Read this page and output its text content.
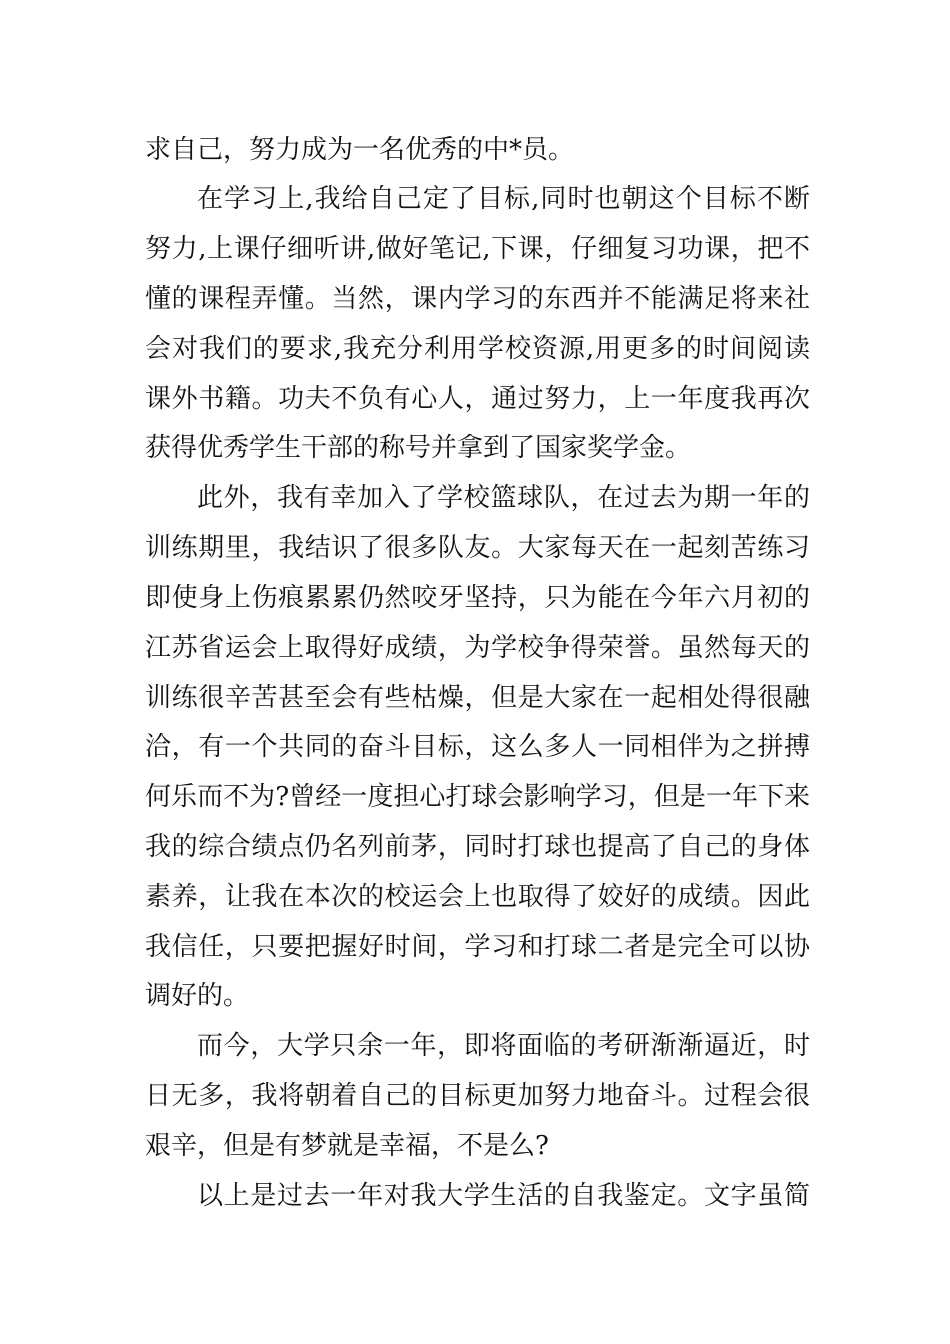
求自己，努力成为一名优秀的中*员。
在学习上,我给自己定了目标,同时也朝这个目标不断
努力,上课仔细听讲,做好笔记,下课，仔细复习功课，把不
懂的课程弄懂。当然，课内学习的东西并不能满足将来社
会对我们的要求,我充分利用学校资源,用更多的时间阅读
课外书籍。功夫不负有心人，通过努力，上一年度我再次
获得优秀学生干部的称号并拿到了国家奖学金。
此外，我有幸加入了学校篮球队，在过去为期一年的
训练期里，我结识了很多队友。大家每天在一起刻苦练习
即使身上伤痕累累仍然咬牙坚持，只为能在今年六月初的
江苏省运会上取得好成绩，为学校争得荣誉。虽然每天的
训练很辛苦甚至会有些枯燥，但是大家在一起相处得很融
洽，有一个共同的奋斗目标，这么多人一同相伴为之拼搏
何乐而不为?曾经一度担心打球会影响学习，但是一年下来
我的综合绩点仍名列前茅，同时打球也提高了自己的身体
素养，让我在本次的校运会上也取得了姣好的成绩。因此
我信任，只要把握好时间，学习和打球二者是完全可以协
调好的。
而今，大学只余一年，即将面临的考研渐渐逼近，时
日无多，我将朝着自己的目标更加努力地奋斗。过程会很
艰辛，但是有梦就是幸福，不是么?
以上是过去一年对我大学生活的自我鉴定。文字虽简
